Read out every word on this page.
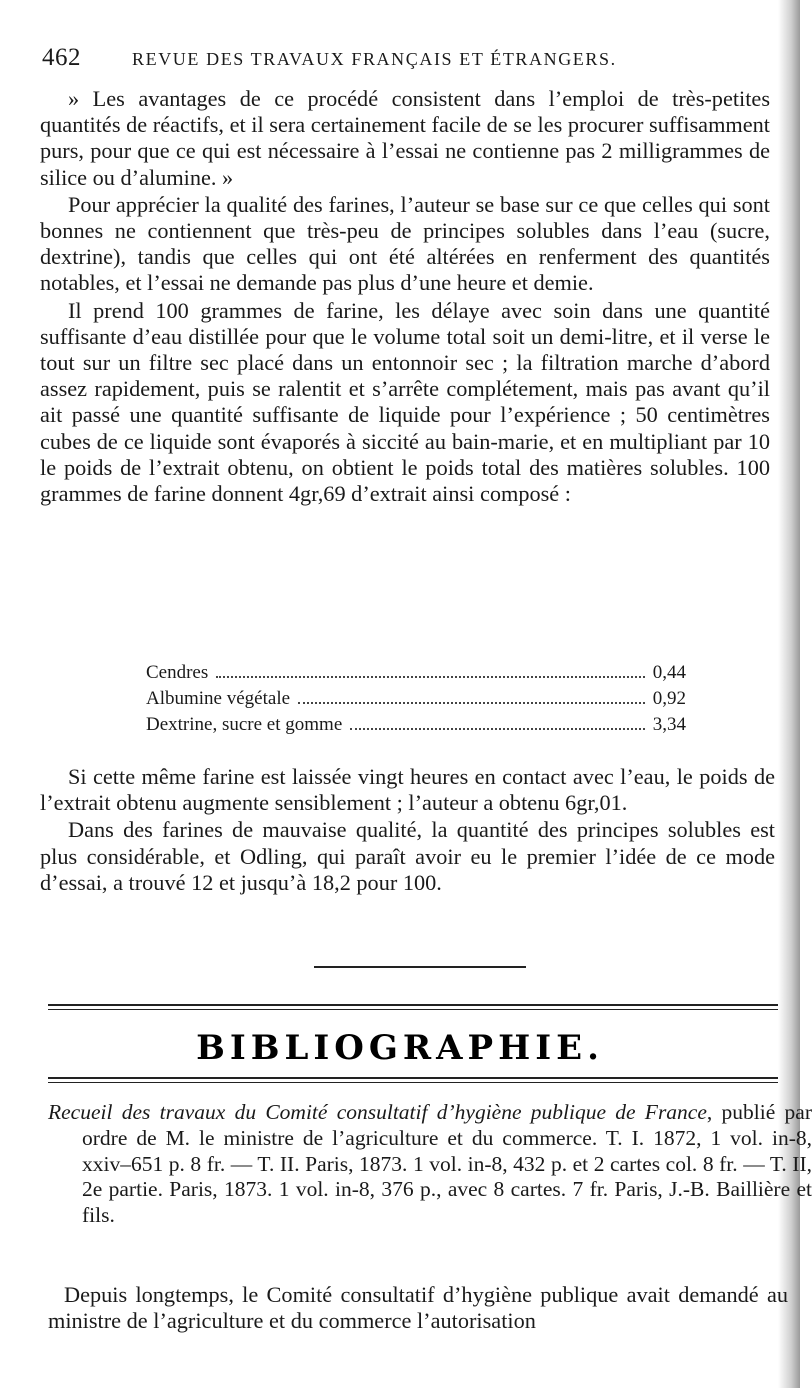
462	REVUE DES TRAVAUX FRANÇAIS ET ÉTRANGERS.

» Les avantages de ce procédé consistent dans l’emploi de très-petites quantités de réactifs, et il sera certainement facile de se les procurer suffisamment purs, pour que ce qui est nécessaire à l’essai ne contienne pas 2 milligrammes de silice ou d’alumine. »

Pour apprécier la qualité des farines, l’auteur se base sur ce que celles qui sont bonnes ne contiennent que très-peu de principes solubles dans l’eau (sucre, dextrine), tandis que celles qui ont été altérées en renferment des quantités notables, et l’essai ne demande pas plus d’une heure et demie.

Il prend 100 grammes de farine, les délaye avec soin dans une quantité suffisante d’eau distillée pour que le volume total soit un demi-litre, et il verse le tout sur un filtre sec placé dans un entonnoir sec ; la filtration marche d’abord assez rapidement, puis se ralentit et s’arrête complétement, mais pas avant qu’il ait passé une quantité suffisante de liquide pour l’expérience ; 50 centimètres cubes de ce liquide sont évaporés à siccité au bain-marie, et en multipliant par 10 le poids de l’extrait obtenu, on obtient le poids total des matières solubles. 100 grammes de farine donnent 4gr,69 d’extrait ainsi composé :

Cendres	0,44
Albumine végétale	0,92
Dextrine, sucre et gomme	3,34

Si cette même farine est laissée vingt heures en contact avec l’eau, le poids de l’extrait obtenu augmente sensiblement ; l’auteur a obtenu 6gr,01.

Dans des farines de mauvaise qualité, la quantité des principes solubles est plus considérable, et Odling, qui paraît avoir eu le premier l’idée de ce mode d’essai, a trouvé 12 et jusqu’à 18,2 pour 100.

BIBLIOGRAPHIE.

Recueil des travaux du Comité consultatif d’hygiène publique de France, publié par ordre de M. le ministre de l’agriculture et du commerce. T. I. 1872, 1 vol. in-8, xxiv–651 p. 8 fr. — T. II. Paris, 1873. 1 vol. in-8, 432 p. et 2 cartes col. 8 fr. — T. II, 2e partie. Paris, 1873. 1 vol. in-8, 376 p., avec 8 cartes. 7 fr. Paris, J.-B. Baillière et fils.

Depuis longtemps, le Comité consultatif d’hygiène publique avait demandé au ministre de l’agriculture et du commerce l’autorisation
